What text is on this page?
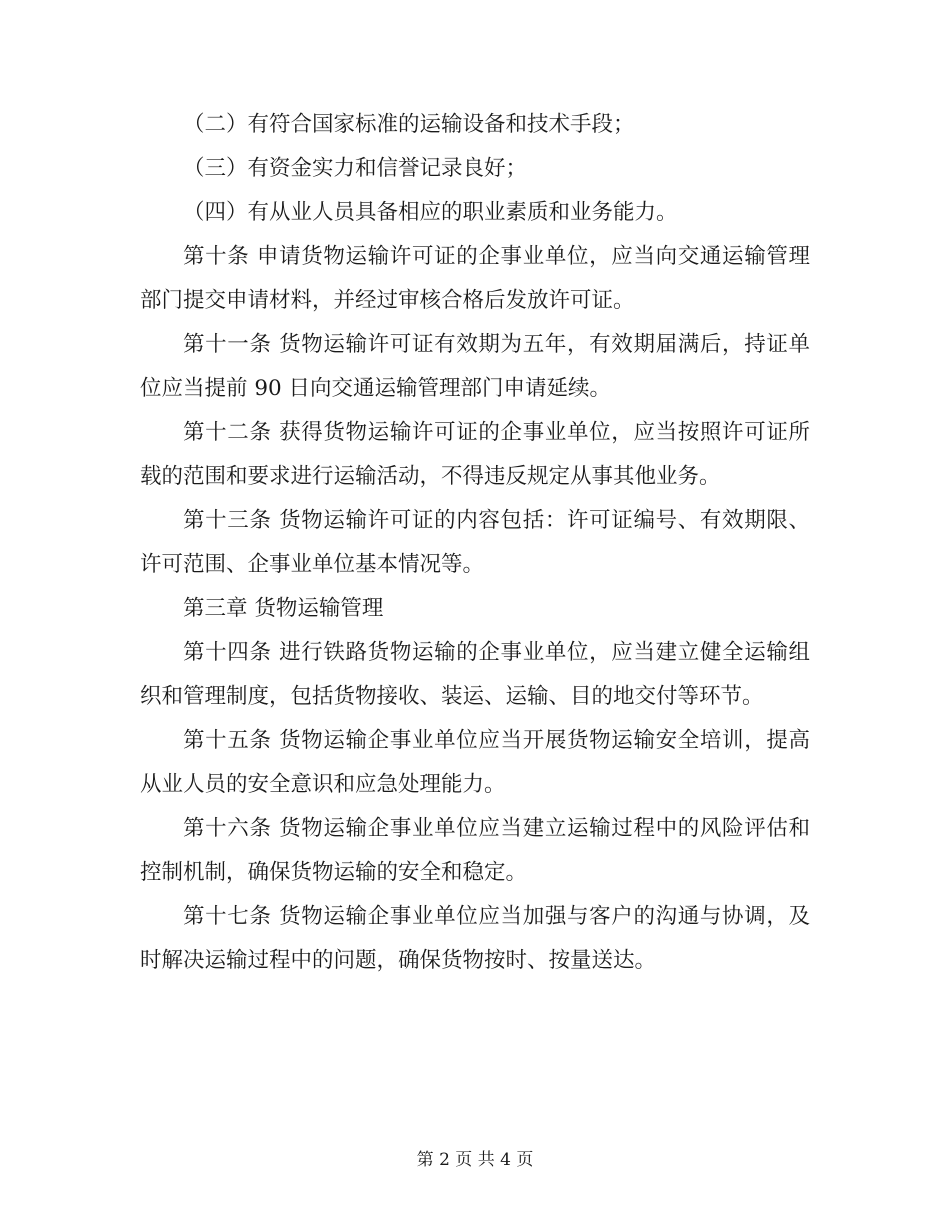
（二）有符合国家标准的运输设备和技术手段；

（三）有资金实力和信誉记录良好；

（四）有从业人员具备相应的职业素质和业务能力。

第十条 申请货物运输许可证的企事业单位，应当向交通运输管理部门提交申请材料，并经过审核合格后发放许可证。

第十一条 货物运输许可证有效期为五年，有效期届满后，持证单位应当提前 90 日向交通运输管理部门申请延续。

第十二条 获得货物运输许可证的企事业单位，应当按照许可证所载的范围和要求进行运输活动，不得违反规定从事其他业务。

第十三条 货物运输许可证的内容包括：许可证编号、有效期限、许可范围、企事业单位基本情况等。

第三章 货物运输管理

第十四条 进行铁路货物运输的企事业单位，应当建立健全运输组织和管理制度，包括货物接收、装运、运输、目的地交付等环节。

第十五条 货物运输企事业单位应当开展货物运输安全培训，提高从业人员的安全意识和应急处理能力。

第十六条 货物运输企事业单位应当建立运输过程中的风险评估和控制机制，确保货物运输的安全和稳定。

第十七条 货物运输企事业单位应当加强与客户的沟通与协调，及时解决运输过程中的问题，确保货物按时、按量送达。

第 2 页 共 4 页
